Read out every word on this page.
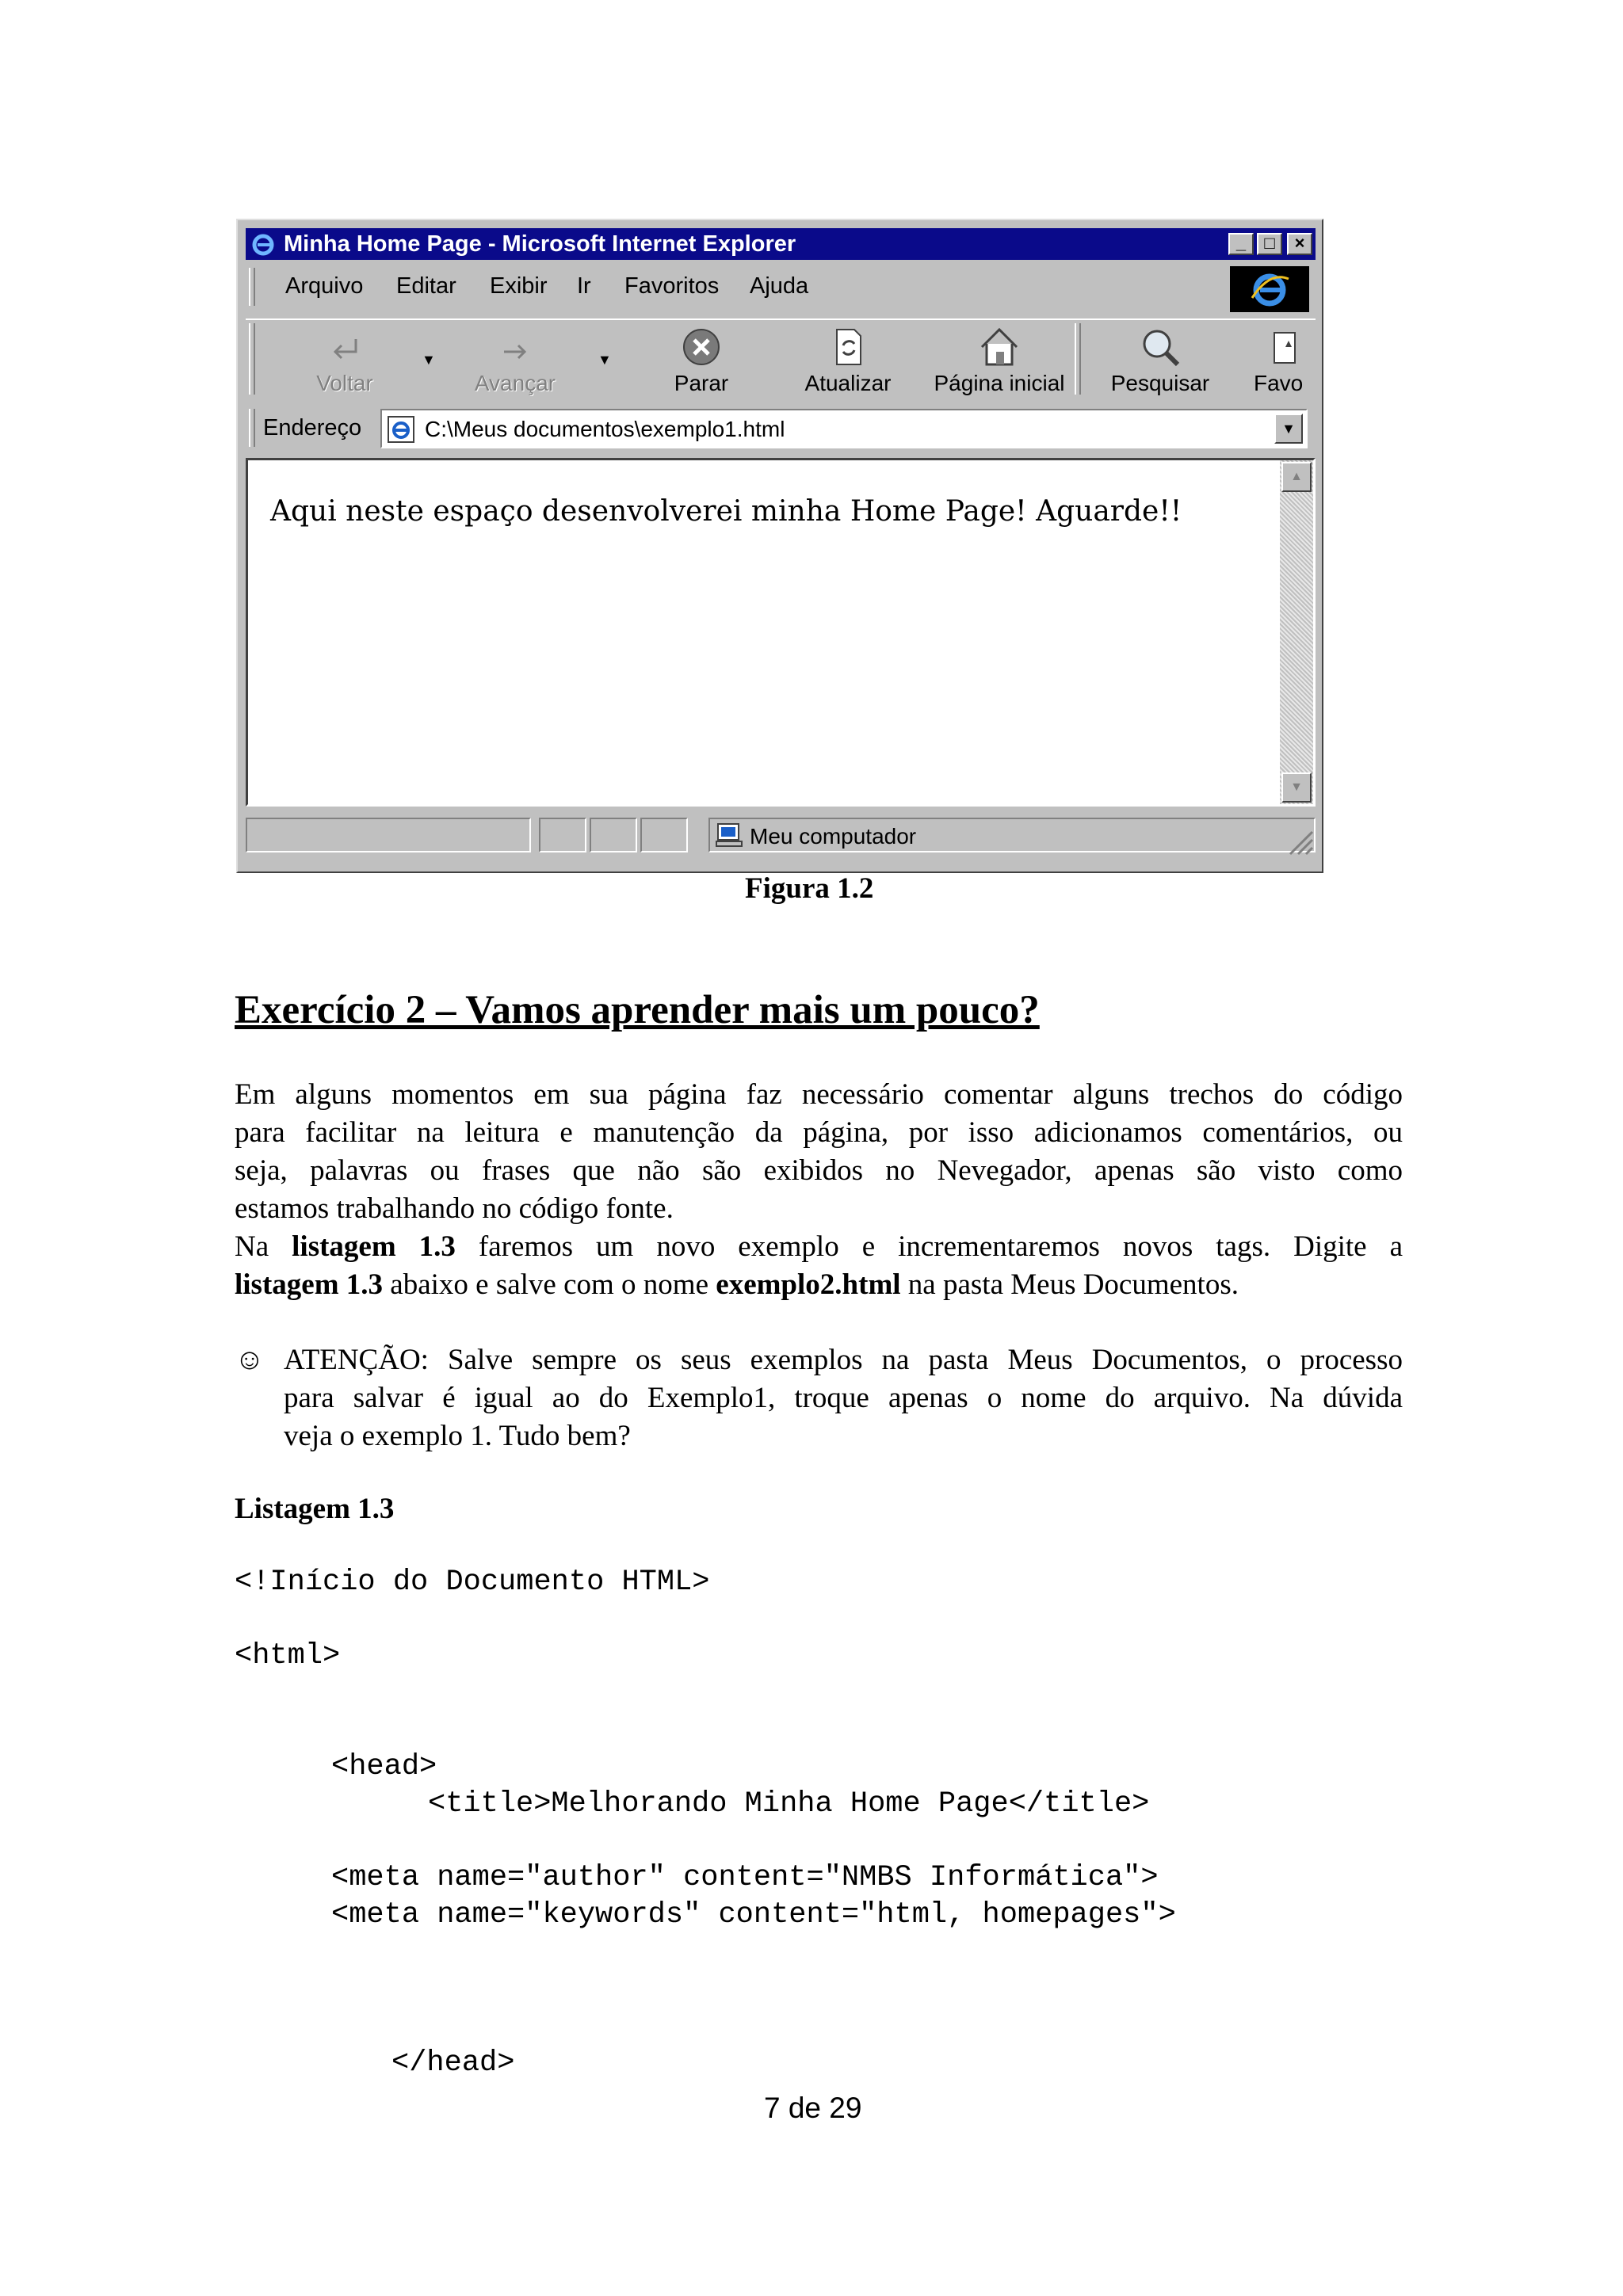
Minha Home Page - Microsoft Internet Explorer	_	□	×
Arquivo Editar Exibir Ir Favoritos Ajuda
Voltar
▼
Avançar
▼
Parar	Atualizar	Página inicial	Pesquisar	Favo
Endereço	C:\Meus documentos\exemplo1.html	▼
Aqui neste espaço desenvolverei minha Home Page! Aguarde!!
▲
▼
Meu computador
Figura 1.2
Exercício 2 – Vamos aprender mais um pouco?
Em alguns momentos em sua página faz necessário comentar alguns trechos do código
para facilitar na leitura e manutenção da página, por isso adicionamos comentários, ou
seja, palavras ou frases que não são exibidos no Nevegador, apenas são visto como
estamos trabalhando no código fonte.
Na listagem 1.3 faremos um novo exemplo e incrementaremos novos tags. Digite a
listagem 1.3 abaixo e salve com o nome exemplo2.html na pasta Meus Documentos.
☺ ATENÇÃO: Salve sempre os seus exemplos na pasta Meus Documentos, o processo
para salvar é igual ao do Exemplo1, troque apenas o nome do arquivo. Na dúvida
veja o exemplo 1. Tudo bem?
Listagem 1.3
<!Início do Documento HTML>
<html>
<head>
<title>Melhorando Minha Home Page</title>
<meta name="author" content="NMBS Informática">
<meta name="keywords" content="html, homepages">
</head>
7 de 29
